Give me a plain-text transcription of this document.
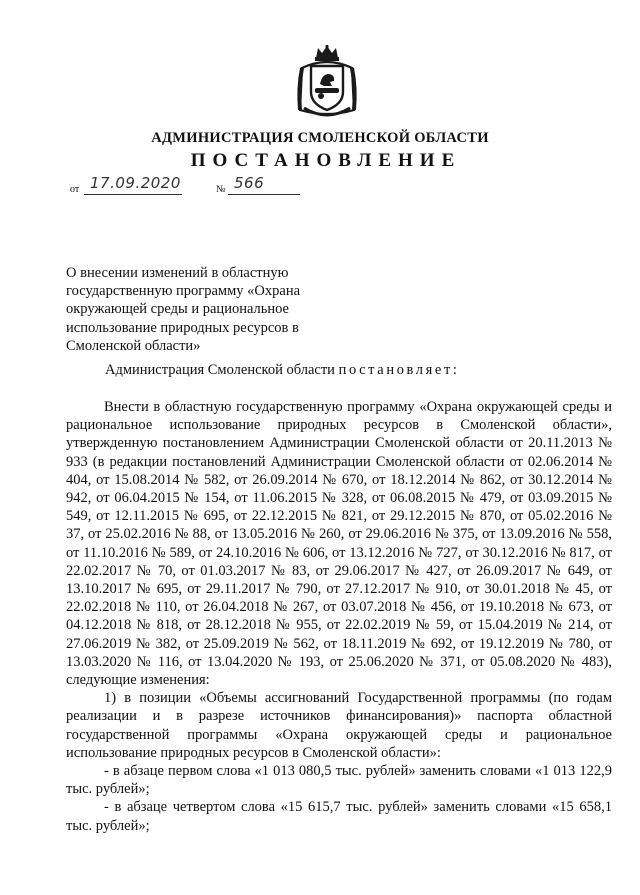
АДМИНИСТРАЦИЯ СМОЛЕНСКОЙ ОБЛАСТИ
ПОСТАНОВЛЕНИЕ
от 17.09.2020	№ 566
О внесении изменений в областную государственную программу «Охрана окружающей среды и рациональное использование природных ресурсов в Смоленской области»
Администрация Смоленской области постановляет:

Внести в областную государственную программу «Охрана окружающей среды и рациональное использование природных ресурсов в Смоленской области», утвержденную постановлением Администрации Смоленской области от 20.11.2013 № 933 (в редакции постановлений Администрации Смоленской области от 02.06.2014 № 404, от 15.08.2014 № 582, от 26.09.2014 № 670, от 18.12.2014 № 862, от 30.12.2014 № 942, от 06.04.2015 № 154, от 11.06.2015 № 328, от 06.08.2015 № 479, от 03.09.2015 № 549, от 12.11.2015 № 695, от 22.12.2015 № 821, от 29.12.2015 № 870, от 05.02.2016 № 37, от 25.02.2016 № 88, от 13.05.2016 № 260, от 29.06.2016 № 375, от 13.09.2016 № 558, от 11.10.2016 № 589, от 24.10.2016 № 606, от 13.12.2016 № 727, от 30.12.2016 № 817, от 22.02.2017 № 70, от 01.03.2017 № 83, от 29.06.2017 № 427, от 26.09.2017 № 649, от 13.10.2017 № 695, от 29.11.2017 № 790, от 27.12.2017 № 910, от 30.01.2018 № 45, от 22.02.2018 № 110, от 26.04.2018 № 267, от 03.07.2018 № 456, от 19.10.2018 № 673, от 04.12.2018 № 818, от 28.12.2018 № 955, от 22.02.2019 № 59, от 15.04.2019 № 214, от 27.06.2019 № 382, от 25.09.2019 № 562, от 18.11.2019 № 692, от 19.12.2019 № 780, от 13.03.2020 № 116, от 13.04.2020 № 193, от 25.06.2020 № 371, от 05.08.2020 № 483), следующие изменения:

1) в позиции «Объемы ассигнований Государственной программы (по годам реализации и в разрезе источников финансирования)» паспорта областной государственной программы «Охрана окружающей среды и рациональное использование природных ресурсов в Смоленской области»:

- в абзаце первом слова «1 013 080,5 тыс. рублей» заменить словами «1 013 122,9 тыс. рублей»;

- в абзаце четвертом слова «15 615,7 тыс. рублей» заменить словами «15 658,1 тыс. рублей»;
